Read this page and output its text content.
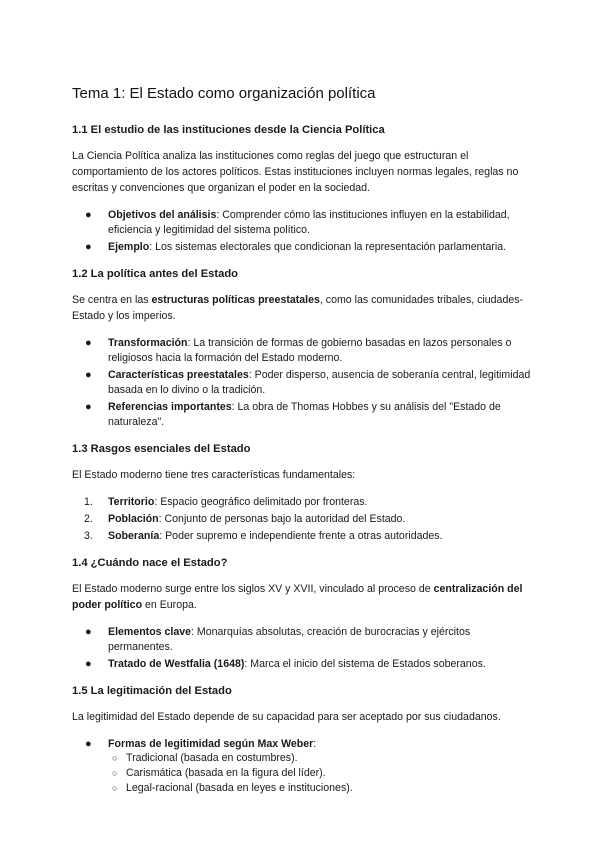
Tema 1: El Estado como organización política
1.1 El estudio de las instituciones desde la Ciencia Política

La Ciencia Política analiza las instituciones como reglas del juego que estructuran el comportamiento de los actores políticos. Estas instituciones incluyen normas legales, reglas no escritas y convenciones que organizan el poder en la sociedad.

● Objetivos del análisis: Comprender cómo las instituciones influyen en la estabilidad, eficiencia y legitimidad del sistema político.
● Ejemplo: Los sistemas electorales que condicionan la representación parlamentaria.
1.2 La política antes del Estado

Se centra en las estructuras políticas preestatales, como las comunidades tribales, ciudades-Estado y los imperios.

● Transformación: La transición de formas de gobierno basadas en lazos personales o religiosos hacia la formación del Estado moderno.
● Características preestatales: Poder disperso, ausencia de soberanía central, legitimidad basada en lo divino o la tradición.
● Referencias importantes: La obra de Thomas Hobbes y su análisis del "Estado de naturaleza".
1.3 Rasgos esenciales del Estado

El Estado moderno tiene tres características fundamentales:

1. Territorio: Espacio geográfico delimitado por fronteras.
2. Población: Conjunto de personas bajo la autoridad del Estado.
3. Soberanía: Poder supremo e independiente frente a otras autoridades.
1.4 ¿Cuándo nace el Estado?

El Estado moderno surge entre los siglos XV y XVII, vinculado al proceso de centralización del poder político en Europa.

● Elementos clave: Monarquías absolutas, creación de burocracias y ejércitos permanentes.
● Tratado de Westfalia (1648): Marca el inicio del sistema de Estados soberanos.
1.5 La legitimación del Estado

La legitimidad del Estado depende de su capacidad para ser aceptado por sus ciudadanos.

● Formas de legitimidad según Max Weber:
○ Tradicional (basada en costumbres).
○ Carismática (basada en la figura del líder).
○ Legal-racional (basada en leyes e instituciones).
